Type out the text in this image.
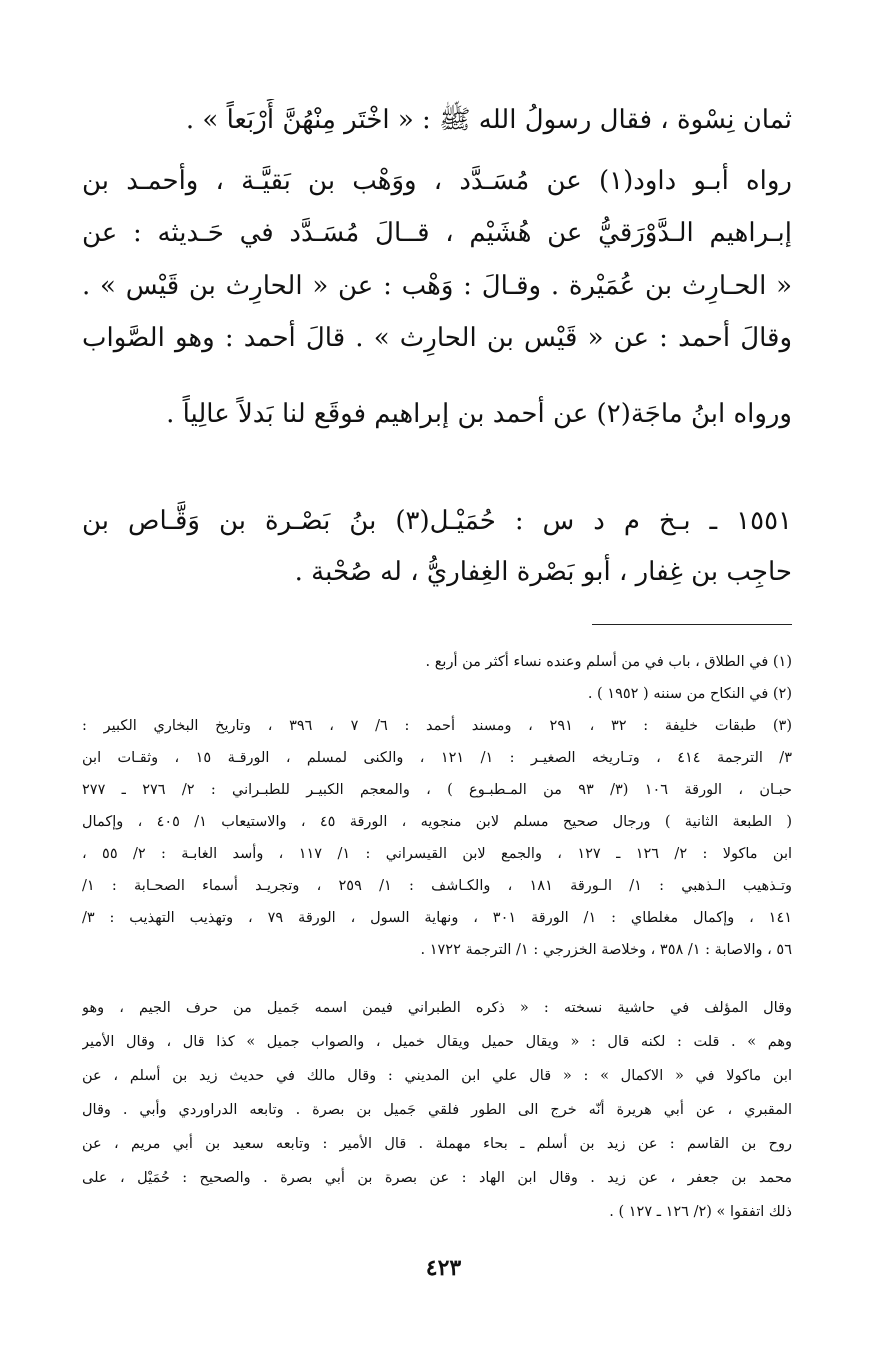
ثمان نِسْوة ، فقال رسولُ الله ﷺ : « اخْتَر مِنْهُنَّ أَرْبَعاً » .
رواه أبـو داود(١) عن مُسَـدَّد ، ووَهْب بن بَقيَّـة ، وأحمـد بن
إبـراهيم الـدَّوْرَقيُّ عن هُشَيْم ، قــالَ مُسَـدَّد في حَـديثه : عن
« الحـارِث بن عُمَيْرة . وقـالَ : وَهْب : عن « الحارِث بن قَيْس » .
وقالَ أحمد : عن « قَيْس بن الحارِث » . قالَ أحمد : وهو الصَّواب
ورواه ابنُ ماجَة(٢) عن أحمد بن إبراهيم فوقَع لنا بَدلاً عالِياً .
١٥٥١ ـ بـخ م د س : حُمَيْـل(٣) بنُ بَصْـرة بن وَقَّـاص بن
حاجِب بن غِفار ، أبو بَصْرة الغِفاريُّ ، له صُحْبة .
(١) في الطلاق ، باب في من أسلم وعنده نساء أكثر من أربع .
(٢) في النكاح من سننه ( ١٩٥٢ ) .
(٣) طبقات خليفة : ٣٢ ، ٢٩١ ، ومسند أحمد : ٦/ ٧ ، ٣٩٦ ، وتاريخ البخاري الكبير :
٣/ الترجمة ٤١٤ ، وتـاريخه الصغيـر : ١/ ١٢١ ، والكنى لمسلم ، الورقـة ١٥ ، وثقـات ابن
حبـان ، الورقة ١٠٦ (٣/ ٩٣ من المـطبـوع ) ، والمعجم الكبيـر للطبـراني : ٢/ ٢٧٦ ـ ٢٧٧
( الطبعة الثانية ) ورجال صحيح مسلم لابن منجويه ، الورقة ٤٥ ، والاستيعاب ١/ ٤٠٥ ، وإكمال
ابن ماكولا : ٢/ ١٢٦ ـ ١٢٧ ، والجمع لابن القيسراني : ١/ ١١٧ ، وأسد الغابـة : ٢/ ٥٥ ،
وتـذهيب الـذهبي : ١/ الـورقة ١٨١ ، والكـاشف : ١/ ٢٥٩ ، وتجريـد أسماء الصحـابة : ١/
١٤١ ، وإكمال مغلطاي : ١/ الورقة ٣٠١ ، ونهاية السول ، الورقة ٧٩ ، وتهذيب التهذيب : ٣/
٥٦ ، والاصابة : ١/ ٣٥٨ ، وخلاصة الخزرجي : ١/ الترجمة ١٧٢٢ .
وقال المؤلف في حاشية نسخته : « ذكره الطبراني فيمن اسمه جَميل من حرف الجيم ، وهو
وهم » . قلت : لكنه قال : « ويقال حميل ويقال خميل ، والصواب جميل » كذا قال ، وقال الأمير
ابن ماكولا في « الاكمال » : « قال علي ابن المديني : وقال مالك في حديث زيد بن أسلم ، عن
المقبري ، عن أبي هريرة أنّه خرج الى الطور فلقي جَميل بن بصرة . وتابعه الدراوردي وأبي . وقال
روح بن القاسم : عن زيد بن أسلم ـ بحاء مهملة . قال الأمير : وتابعه سعيد بن أبي مريم ، عن
محمد بن جعفر ، عن زيد . وقال ابن الهاد : عن بصرة بن أبي بصرة . والصحيح : حُمَيْل ، على
ذلك اتفقوا » (٢/ ١٢٦ ـ ١٢٧ ) .
٤٢٣
